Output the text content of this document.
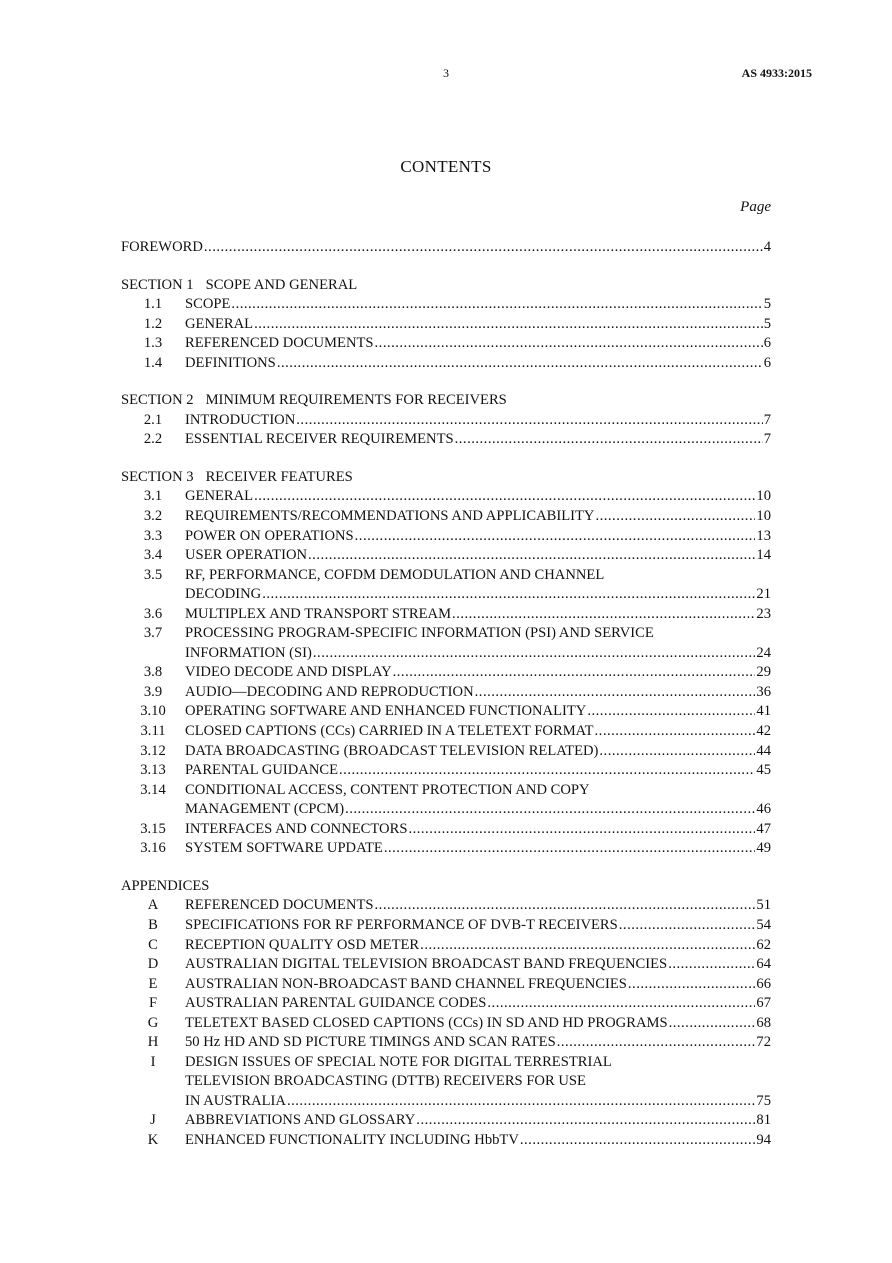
3	AS 4933:2015
CONTENTS
Page
FOREWORD .....	4
SECTION 1 SCOPE AND GENERAL
1.1	SCOPE .....	5
1.2	GENERAL .....	5
1.3	REFERENCED DOCUMENTS .....	6
1.4	DEFINITIONS .....	6
SECTION 2 MINIMUM REQUIREMENTS FOR RECEIVERS
2.1	INTRODUCTION .....	7
2.2	ESSENTIAL RECEIVER REQUIREMENTS .....	7
SECTION 3 RECEIVER FEATURES
3.1	GENERAL .....	10
3.2	REQUIREMENTS/RECOMMENDATIONS AND APPLICABILITY .....	10
3.3	POWER ON OPERATIONS .....	13
3.4	USER OPERATION .....	14
3.5	RF, PERFORMANCE, COFDM DEMODULATION AND CHANNEL
DECODING .....	21
3.6	MULTIPLEX AND TRANSPORT STREAM .....	23
3.7	PROCESSING PROGRAM-SPECIFIC INFORMATION (PSI) AND SERVICE
INFORMATION (SI) .....	24
3.8	VIDEO DECODE AND DISPLAY .....	29
3.9	AUDIO—DECODING AND REPRODUCTION .....	36
3.10	OPERATING SOFTWARE AND ENHANCED FUNCTIONALITY .....	41
3.11	CLOSED CAPTIONS (CCs) CARRIED IN A TELETEXT FORMAT .....	42
3.12	DATA BROADCASTING (BROADCAST TELEVISION RELATED) .....	44
3.13	PARENTAL GUIDANCE .....	45
3.14	CONDITIONAL ACCESS, CONTENT PROTECTION AND COPY
MANAGEMENT (CPCM) .....	46
3.15	INTERFACES AND CONNECTORS .....	47
3.16	SYSTEM SOFTWARE UPDATE .....	49
APPENDICES
A	REFERENCED DOCUMENTS .....	51
B	SPECIFICATIONS FOR RF PERFORMANCE OF DVB-T RECEIVERS .....	54
C	RECEPTION QUALITY OSD METER .....	62
D	AUSTRALIAN DIGITAL TELEVISION BROADCAST BAND FREQUENCIES .....	64
E	AUSTRALIAN NON-BROADCAST BAND CHANNEL FREQUENCIES .....	66
F	AUSTRALIAN PARENTAL GUIDANCE CODES .....	67
G	TELETEXT BASED CLOSED CAPTIONS (CCs) IN SD AND HD PROGRAMS .....	68
H	50 Hz HD AND SD PICTURE TIMINGS AND SCAN RATES .....	72
I	DESIGN ISSUES OF SPECIAL NOTE FOR DIGITAL TERRESTRIAL
TELEVISION BROADCASTING (DTTB) RECEIVERS FOR USE
IN AUSTRALIA .....	75
J	ABBREVIATIONS AND GLOSSARY .....	81
K	ENHANCED FUNCTIONALITY INCLUDING HbbTV .....	94
